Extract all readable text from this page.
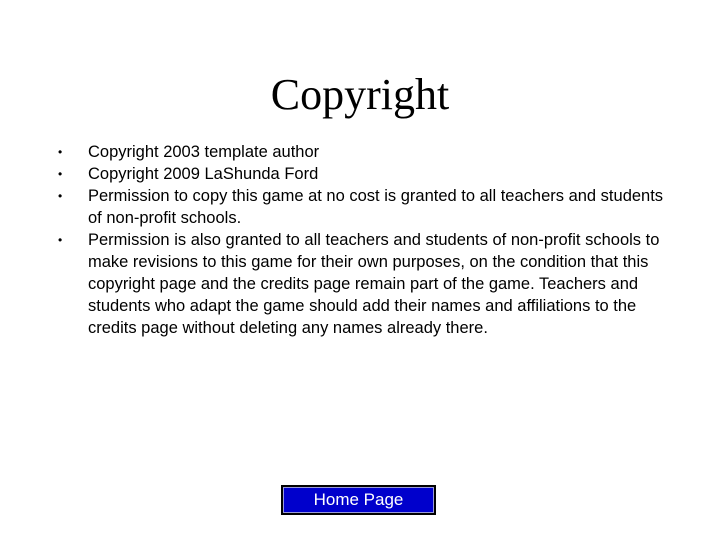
Copyright
• Copyright 2003 template author
• Copyright 2009 LaShunda Ford
• Permission to copy this game at no cost is granted to all teachers and students of non-profit schools.
• Permission is also granted to all teachers and students of non-profit schools to make revisions to this game for their own purposes, on the condition that this copyright page and the credits page remain part of the game. Teachers and students who adapt the game should add their names and affiliations to the credits page without deleting any names already there.
Home Page
